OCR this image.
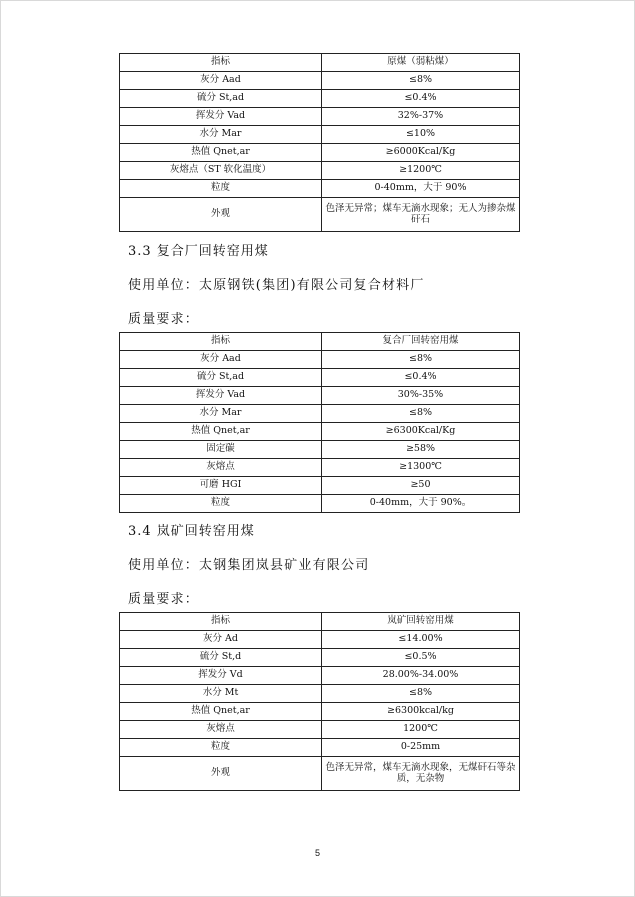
指标	原煤（弱粘煤）
灰分 Aad	≤8%
硫分 St,ad	≤0.4%
挥发分 Vad	32%-37%
水分 Mar	≤10%
热值 Qnet,ar	≥6000Kcal/Kg
灰熔点（ST 软化温度）	≥1200℃
粒度	0-40mm，大于 90%
外观	色泽无异常；煤车无滴水现象；无人为掺杂煤矸石
3.3 复合厂回转窑用煤
使用单位：太原钢铁(集团)有限公司复合材料厂
质量要求：
指标	复合厂回转窑用煤
灰分 Aad	≤8%
硫分 St,ad	≤0.4%
挥发分 Vad	30%-35%
水分 Mar	≤8%
热值 Qnet,ar	≥6300Kcal/Kg
固定碳	≥58%
灰熔点	≥1300℃
可磨 HGI	≥50
粒度	0-40mm，大于 90%。
3.4 岚矿回转窑用煤
使用单位：太钢集团岚县矿业有限公司
质量要求：
指标	岚矿回转窑用煤
灰分 Ad	≤14.00%
硫分 St,d	≤0.5%
挥发分 Vd	28.00%-34.00%
水分 Mt	≤8%
热值 Qnet,ar	≥6300kcal/kg
灰熔点	1200℃
粒度	0-25mm
外观	色泽无异常，煤车无滴水现象，无煤矸石等杂质，无杂物
5
